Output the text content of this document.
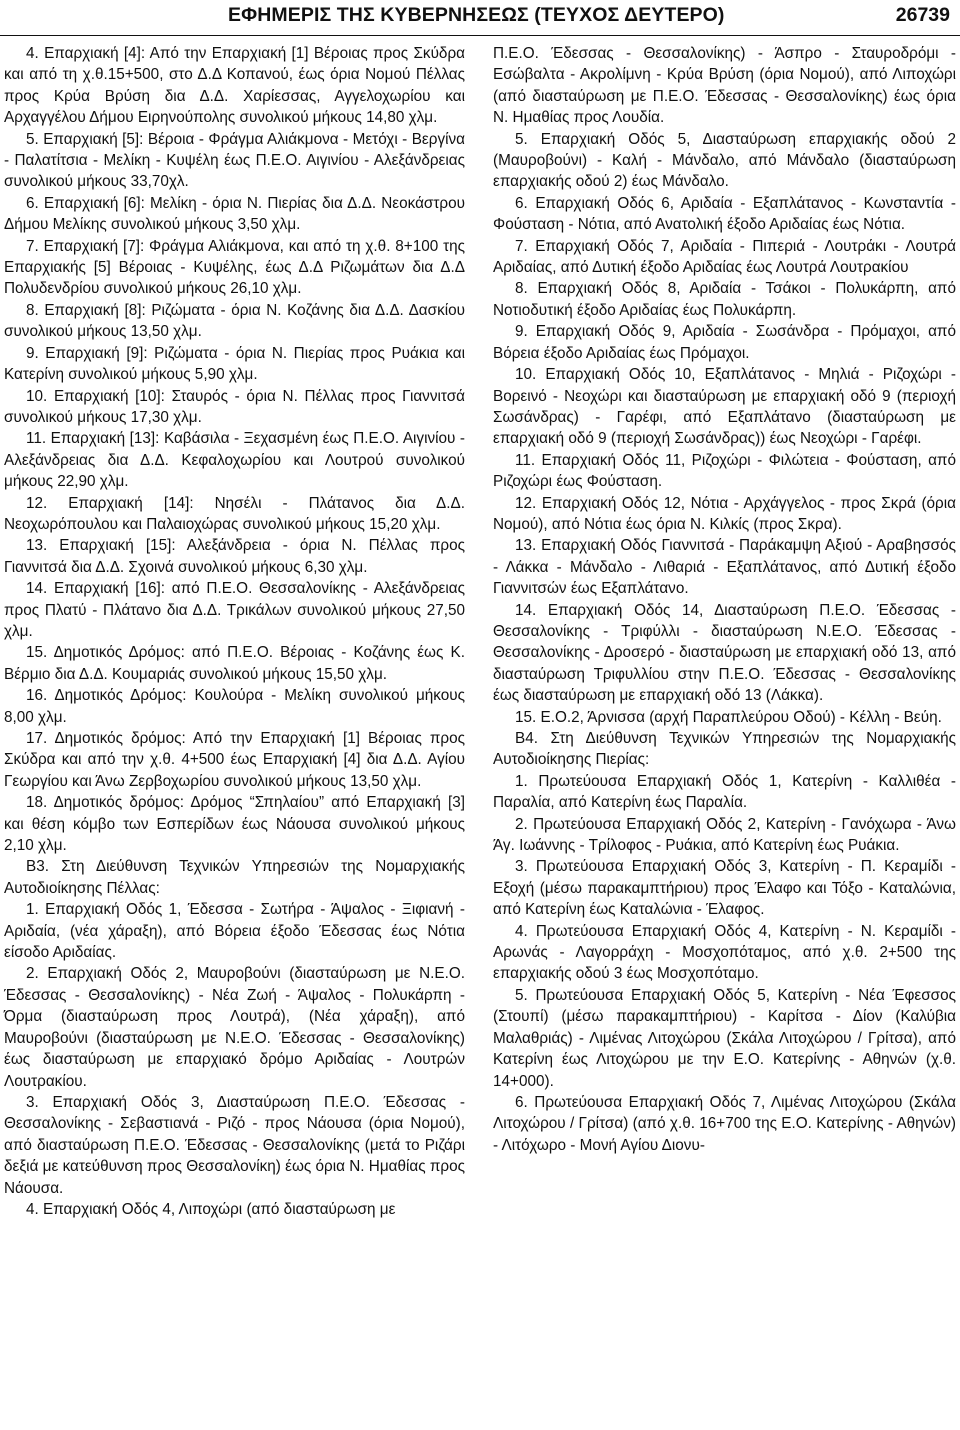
ΕΦΗΜΕΡΙΣ ΤΗΣ ΚΥΒΕΡΝΗΣΕΩΣ (ΤΕΥΧΟΣ ΔΕΥΤΕΡΟ)	26739

4. Επαρχιακή [4]: Από την Επαρχιακή [1] Βέροιας προς Σκύδρα και από τη χ.θ.15+500, στο Δ.Δ Κοπανού, έως όρια Νομού Πέλλας προς Κρύα Βρύση δια Δ.Δ. Χαρίεσσας, Αγγελοχωρίου και Αρχαγγέλου Δήμου Ειρηνούπολης συνολικού μήκους 14,80 χλμ.

5. Επαρχιακή [5]: Βέροια - Φράγμα Αλιάκμονα - Μετόχι - Βεργίνα - Παλατίτσια - Μελίκη - Κυψέλη έως Π.Ε.Ο. Αιγινίου - Αλεξάνδρειας συνολικού μήκους 33,70χλ.

6. Επαρχιακή [6]: Μελίκη - όρια Ν. Πιερίας δια Δ.Δ. Νεοκάστρου Δήμου Μελίκης συνολικού μήκους 3,50 χλμ.

7. Επαρχιακή [7]: Φράγμα Αλιάκμονα, και από τη χ.θ. 8+100 της Επαρχιακής [5] Βέροιας - Κυψέλης, έως Δ.Δ Ριζωμάτων δια Δ.Δ Πολυδενδρίου συνολικού μήκους 26,10 χλμ.

8. Επαρχιακή [8]: Ριζώματα - όρια Ν. Κοζάνης δια Δ.Δ. Δασκίου συνολικού μήκους 13,50 χλμ.

9. Επαρχιακή [9]: Ριζώματα - όρια Ν. Πιερίας προς Ρυάκια και Κατερίνη συνολικού μήκους 5,90 χλμ.

10. Επαρχιακή [10]: Σταυρός - όρια Ν. Πέλλας προς Γιαννιτσά συνολικού μήκους 17,30 χλμ.

11. Επαρχιακή [13]: Καβάσιλα - Ξεχασμένη έως Π.Ε.Ο. Αιγινίου - Αλεξάνδρειας δια Δ.Δ. Κεφαλοχωρίου και Λουτρού συνολικού μήκους 22,90 χλμ.

12. Επαρχιακή [14]: Νησέλι - Πλάτανος δια Δ.Δ. Νεοχωρόπουλου και Παλαιοχώρας συνολικού μήκους 15,20 χλμ.

13. Επαρχιακή [15]: Αλεξάνδρεια - όρια Ν. Πέλλας προς Γιαννιτσά δια Δ.Δ. Σχοινά συνολικού μήκους 6,30 χλμ.

14. Επαρχιακή [16]: από Π.Ε.Ο. Θεσσαλονίκης - Αλεξάνδρειας προς Πλατύ - Πλάτανο δια Δ.Δ. Τρικάλων συνολικού μήκους 27,50 χλμ.

15. Δημοτικός Δρόμος: από Π.Ε.Ο. Βέροιας - Κοζάνης έως Κ. Βέρμιο δια Δ.Δ. Κουμαριάς συνολικού μήκους 15,50 χλμ.

16. Δημοτικός Δρόμος: Κουλούρα - Μελίκη συνολικού μήκους 8,00 χλμ.

17. Δημοτικός δρόμος: Από την Επαρχιακή [1] Βέροιας προς Σκύδρα και από την χ.θ. 4+500 έως Επαρχιακή [4] δια Δ.Δ. Αγίου Γεωργίου και Άνω Ζερβοχωρίου συνολικού μήκους 13,50 χλμ.

18. Δημοτικός δρόμος: Δρόμος “Σπηλαίου” από Επαρχιακή [3] και θέση κόμβο των Εσπερίδων έως Νάουσα συνολικού μήκους 2,10 χλμ.

Β3. Στη Διεύθυνση Τεχνικών Υπηρεσιών της Νομαρχιακής Αυτοδιοίκησης Πέλλας:

1. Επαρχιακή Οδός 1, Έδεσσα - Σωτήρα - Άψαλος - Ξιφιανή - Αριδαία, (νέα χάραξη), από Βόρεια έξοδο Έδεσσας έως Νότια είσοδο Αριδαίας.

2. Επαρχιακή Οδός 2, Μαυροβούνι (διασταύρωση με Ν.Ε.Ο. Έδεσσας - Θεσσαλονίκης) - Νέα Ζωή - Άψαλος - Πολυκάρπη - Όρμα (διασταύρωση προς Λουτρά), (Νέα χάραξη), από Μαυροβούνι (διασταύρωση με Ν.Ε.Ο. Έδεσσας - Θεσσαλονίκης) έως διασταύρωση με επαρχιακό δρόμο Αριδαίας - Λουτρών Λουτρακίου.

3. Επαρχιακή Οδός 3, Διασταύρωση Π.Ε.Ο. Έδεσσας - Θεσσαλονίκης - Σεβαστιανά - Ριζό - προς Νάουσα (όρια Νομού), από διασταύρωση Π.Ε.Ο. Έδεσσας - Θεσσαλονίκης (μετά το Ριζάρι δεξιά με κατεύθυνση προς Θεσσαλονίκη) έως όρια Ν. Ημαθίας προς Νάουσα.

4. Επαρχιακή Οδός 4, Λιποχώρι (από διασταύρωση με

Π.Ε.Ο. Έδεσσας - Θεσσαλονίκης) - Άσπρο - Σταυροδρόμι - Εσώβαλτα - Ακρολίμνη - Κρύα Βρύση (όρια Νομού), από Λιποχώρι (από διασταύρωση με Π.Ε.Ο. Έδεσσας - Θεσσαλονίκης) έως όρια Ν. Ημαθίας προς Λουδία.

5. Επαρχιακή Οδός 5, Διασταύρωση επαρχιακής οδού 2 (Μαυροβούνι) - Καλή - Μάνδαλο, από Μάνδαλο (διασταύρωση επαρχιακής οδού 2) έως Μάνδαλο.

6. Επαρχιακή Οδός 6, Αριδαία - Εξαπλάτανος - Κωνσταντία - Φούσταση - Νότια, από Ανατολική έξοδο Αριδαίας έως Νότια.

7. Επαρχιακή Οδός 7, Αριδαία - Πιπεριά - Λουτράκι - Λουτρά Αριδαίας, από Δυτική έξοδο Αριδαίας έως Λουτρά Λουτρακίου

8. Επαρχιακή Οδός 8, Αριδαία - Τσάκοι - Πολυκάρπη, από Νοτιοδυτική έξοδο Αριδαίας έως Πολυκάρπη.

9. Επαρχιακή Οδός 9, Αριδαία - Σωσάνδρα - Πρόμαχοι, από Βόρεια έξοδο Αριδαίας έως Πρόμαχοι.

10. Επαρχιακή Οδός 10, Εξαπλάτανος - Μηλιά - Ριζοχώρι - Βορεινό - Νεοχώρι και διασταύρωση με επαρχιακή οδό 9 (περιοχή Σωσάνδρας) - Γαρέφι, από Εξαπλάτανο (διασταύρωση με επαρχιακή οδό 9 (περιοχή Σωσάνδρας)) έως Νεοχώρι - Γαρέφι.

11. Επαρχιακή Οδός 11, Ριζοχώρι - Φιλώτεια - Φούσταση, από Ριζοχώρι έως Φούσταση.

12. Επαρχιακή Οδός 12, Νότια - Αρχάγγελος - προς Σκρά (όρια Νομού), από Νότια έως όρια Ν. Κιλκίς (προς Σκρα).

13. Επαρχιακή Οδός Γιαννιτσά - Παράκαμψη Αξιού - Αραβησσός - Λάκκα - Μάνδαλο - Λιθαριά - Εξαπλάτανος, από Δυτική έξοδο Γιαννιτσών έως Εξαπλάτανο.

14. Επαρχιακή Οδός 14, Διασταύρωση Π.Ε.Ο. Έδεσσας - Θεσσαλονίκης - Τριφύλλι - διασταύρωση Ν.Ε.Ο. Έδεσσας - Θεσσαλονίκης - Δροσερό - διασταύρωση με επαρχιακή οδό 13, από διασταύρωση Τριφυλλίου στην Π.Ε.Ο. Έδεσσας - Θεσσαλονίκης έως διασταύρωση με επαρχιακή οδό 13 (Λάκκα).

15. Ε.Ο.2, Άρνισσα (αρχή Παραπλεύρου Οδού) - Κέλλη - Βεύη.

Β4. Στη Διεύθυνση Τεχνικών Υπηρεσιών της Νομαρχιακής Αυτοδιοίκησης Πιερίας:

1. Πρωτεύουσα Επαρχιακή Οδός 1, Κατερίνη - Καλλιθέα - Παραλία, από Κατερίνη έως Παραλία.

2. Πρωτεύουσα Επαρχιακή Οδός 2, Κατερίνη - Γανόχωρα - Άνω Άγ. Ιωάννης - Τρίλοφος - Ρυάκια, από Κατερίνη έως Ρυάκια.

3. Πρωτεύουσα Επαρχιακή Οδός 3, Κατερίνη - Π. Κεραμίδι - Εξοχή (μέσω παρακαμπτήριου) προς Έλαφο και Τόξο - Καταλώνια, από Κατερίνη έως Καταλώνια - Έλαφος.

4. Πρωτεύουσα Επαρχιακή Οδός 4, Κατερίνη - Ν. Κεραμίδι - Αρωνάς - Λαγορράχη - Μοσχοπόταμος, από χ.θ. 2+500 της επαρχιακής οδού 3 έως Μοσχοπόταμο.

5. Πρωτεύουσα Επαρχιακή Οδός 5, Κατερίνη - Νέα Έφεσσος (Στουπί) (μέσω παρακαμπτήριου) - Καρίτσα - Δίον (Καλύβια Μαλαθριάς) - Λιμένας Λιτοχώρου (Σκάλα Λιτοχώρου / Γρίτσα), από Κατερίνη έως Λιτοχώρου με την Ε.Ο. Κατερίνης - Αθηνών (χ.θ. 14+000).

6. Πρωτεύουσα Επαρχιακή Οδός 7, Λιμένας Λιτοχώρου (Σκάλα Λιτοχώρου / Γρίτσα) (από χ.θ. 16+700 της Ε.Ο. Κατερίνης - Αθηνών) - Λιτόχωρο - Μονή Αγίου Διονυ-
